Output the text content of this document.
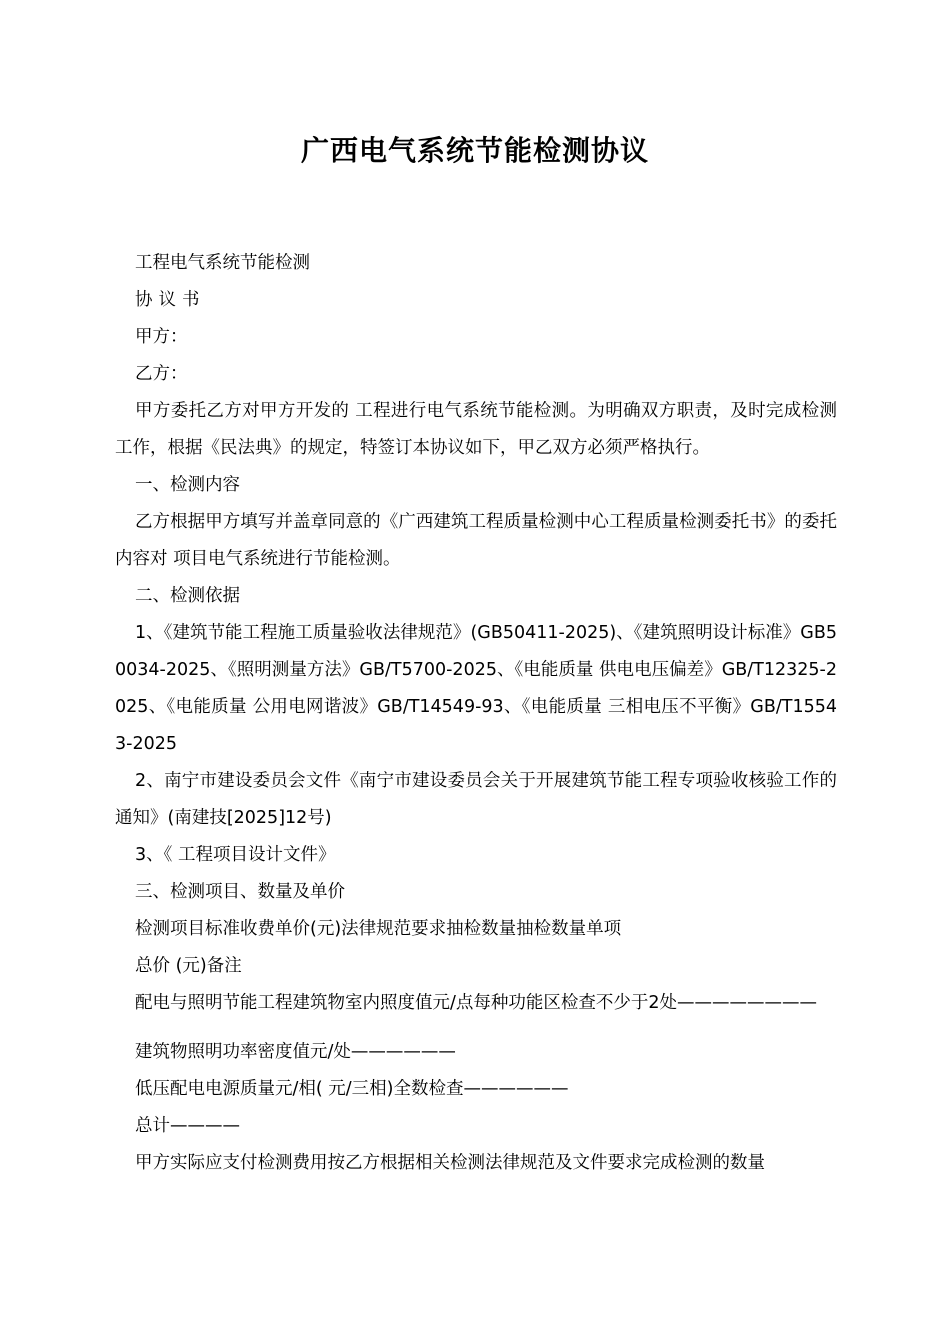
广西电气系统节能检测协议

工程电气系统节能检测

协议书

甲方：

乙方：

甲方委托乙方对甲方开发的 工程进行电气系统节能检测。为明确双方职责，及时完成检测工作，根据《民法典》的规定，特签订本协议如下，甲乙双方必须严格执行。

一、检测内容

乙方根据甲方填写并盖章同意的《广西建筑工程质量检测中心工程质量检测委托书》的委托内容对 项目电气系统进行节能检测。

二、检测依据

1、《建筑节能工程施工质量验收法律规范》(GB50411-2025)、《建筑照明设计标准》GB50034-2025、《照明测量方法》GB/T5700-2025、《电能质量 供电电压偏差》GB/T12325-2025、《电能质量 公用电网谐波》GB/T14549-93、《电能质量 三相电压不平衡》GB/T15543-2025

2、南宁市建设委员会文件《南宁市建设委员会关于开展建筑节能工程专项验收核验工作的通知》(南建技[2025]12号)

3、《 工程项目设计文件》

三、检测项目、数量及单价

检测项目标准收费单价(元)法律规范要求抽检数量抽检数量单项

总价 (元)备注

配电与照明节能工程建筑物室内照度值元/点每种功能区检查不少于2处————————

建筑物照明功率密度值元/处——————

低压配电电源质量元/相( 元/三相)全数检查——————

总计————

甲方实际应支付检测费用按乙方根据相关检测法律规范及文件要求完成检测的数量
